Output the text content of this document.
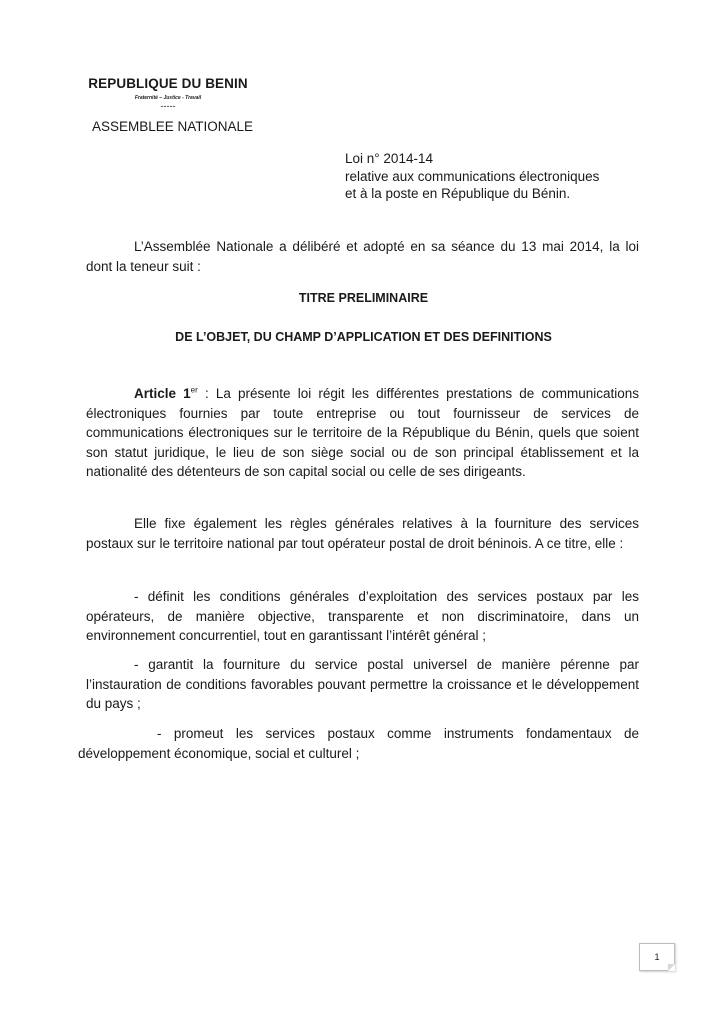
REPUBLIQUE DU BENIN
Fraternité – Justice - Travail
-----
ASSEMBLEE NATIONALE
Loi n° 2014-14
relative aux communications électroniques
et à la poste en République du Bénin.
L’Assemblée Nationale a délibéré et adopté en sa séance du 13 mai 2014, la loi dont la teneur suit :
TITRE PRELIMINAIRE
DE L’OBJET, DU CHAMP D’APPLICATION ET DES DEFINITIONS
Article 1er : La présente loi régit les différentes prestations de communications électroniques fournies par toute entreprise ou tout fournisseur de services de communications électroniques sur le territoire de la République du Bénin, quels que soient son statut juridique, le lieu de son siège social ou de son principal établissement et la nationalité des détenteurs de son capital social ou celle de ses dirigeants.
Elle fixe également les règles générales relatives à la fourniture des services postaux sur le territoire national par tout opérateur postal de droit béninois. A ce titre, elle :
- définit les conditions générales d’exploitation des services postaux par les opérateurs, de manière objective, transparente et non discriminatoire, dans un environnement concurrentiel, tout en garantissant l’intérêt général ;
- garantit la fourniture du service postal universel de manière pérenne par l’instauration de conditions favorables pouvant permettre la croissance et le développement du pays ;
- promeut les services postaux comme instruments fondamentaux de développement économique, social et culturel ;
1
